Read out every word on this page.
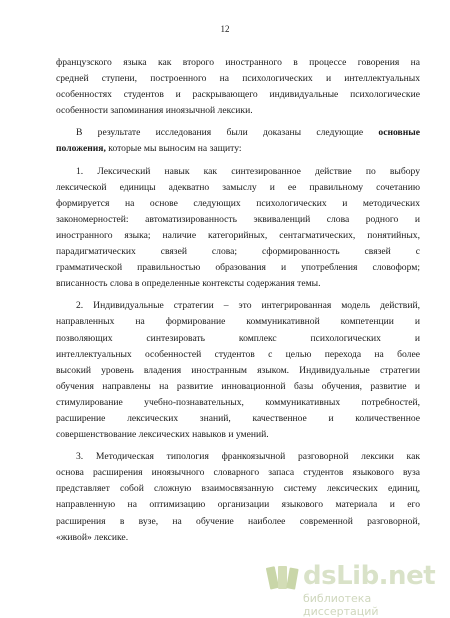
12
французского языка как второго иностранного в процессе говорения на
средней ступени, построенного на психологических и интеллектуальных
особенностях студентов и раскрывающего индивидуальные психологические
особенности запоминания иноязычной лексики.
В результате исследования были доказаны следующие основные
положения, которые мы выносим на защиту:
1. Лексический навык как синтезированное действие по выбору
лексической единицы адекватно замыслу и ее правильному сочетанию
формируется на основе следующих психологических и методических
закономерностей: автоматизированность эквиваленций слова родного и
иностранного языка; наличие категорийных, сентагматических, понятийных,
парадигматических связей слова; сформированность связей с
грамматической правильностью образования и употребления словоформ;
вписанность слова в определенные контексты содержания темы.
2. Индивидуальные стратегии – это интегрированная модель действий,
направленных на формирование коммуникативной компетенции и
позволяющих синтезировать комплекс психологических и
интеллектуальных особенностей студентов с целью перехода на более
высокий уровень владения иностранным языком. Индивидуальные стратегии
обучения направлены на развитие инновационной базы обучения, развитие и
стимулирование учебно-познавательных, коммуникативных потребностей,
расширение лексических знаний, качественное и количественное
совершенствование лексических навыков и умений.
3. Методическая типология франкоязычной разговорной лексики как
основа расширения иноязычного словарного запаса студентов языкового вуза
представляет собой сложную взаимосвязанную систему лексических единиц,
направленную на оптимизацию организации языкового материала и его
расширения в вузе, на обучение наиболее современной разговорной,
«живой» лексике.
dsLib.net
библиотека диссертаций
